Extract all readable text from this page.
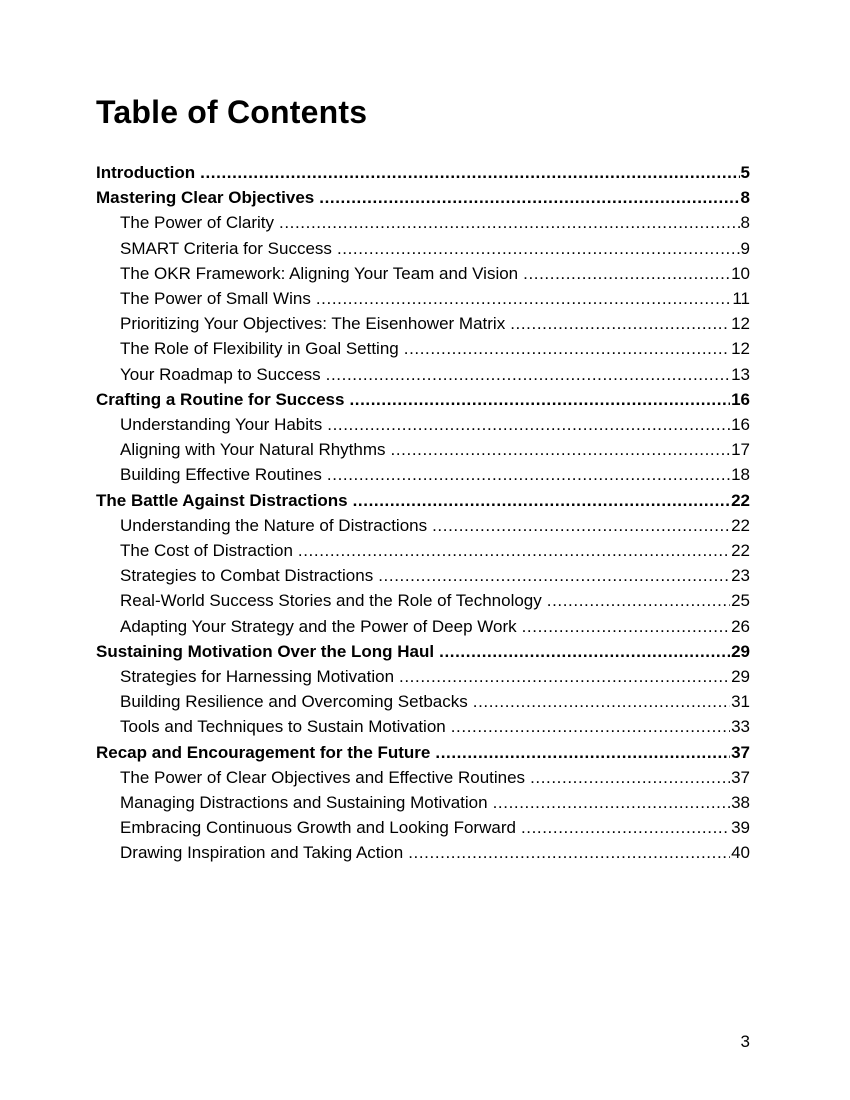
Table of Contents
Introduction .....	5
Mastering Clear Objectives .....	8
The Power of Clarity .....	8
SMART Criteria for Success .....	9
The OKR Framework: Aligning Your Team and Vision .....	10
The Power of Small Wins .....	11
Prioritizing Your Objectives: The Eisenhower Matrix .....	12
The Role of Flexibility in Goal Setting .....	12
Your Roadmap to Success .....	13
Crafting a Routine for Success .....	16
Understanding Your Habits .....	16
Aligning with Your Natural Rhythms .....	17
Building Effective Routines .....	18
The Battle Against Distractions .....	22
Understanding the Nature of Distractions .....	22
The Cost of Distraction .....	22
Strategies to Combat Distractions .....	23
Real-World Success Stories and the Role of Technology .....	25
Adapting Your Strategy and the Power of Deep Work .....	26
Sustaining Motivation Over the Long Haul .....	29
Strategies for Harnessing Motivation .....	29
Building Resilience and Overcoming Setbacks .....	31
Tools and Techniques to Sustain Motivation .....	33
Recap and Encouragement for the Future .....	37
The Power of Clear Objectives and Effective Routines .....	37
Managing Distractions and Sustaining Motivation .....	38
Embracing Continuous Growth and Looking Forward .....	39
Drawing Inspiration and Taking Action .....	40
3
